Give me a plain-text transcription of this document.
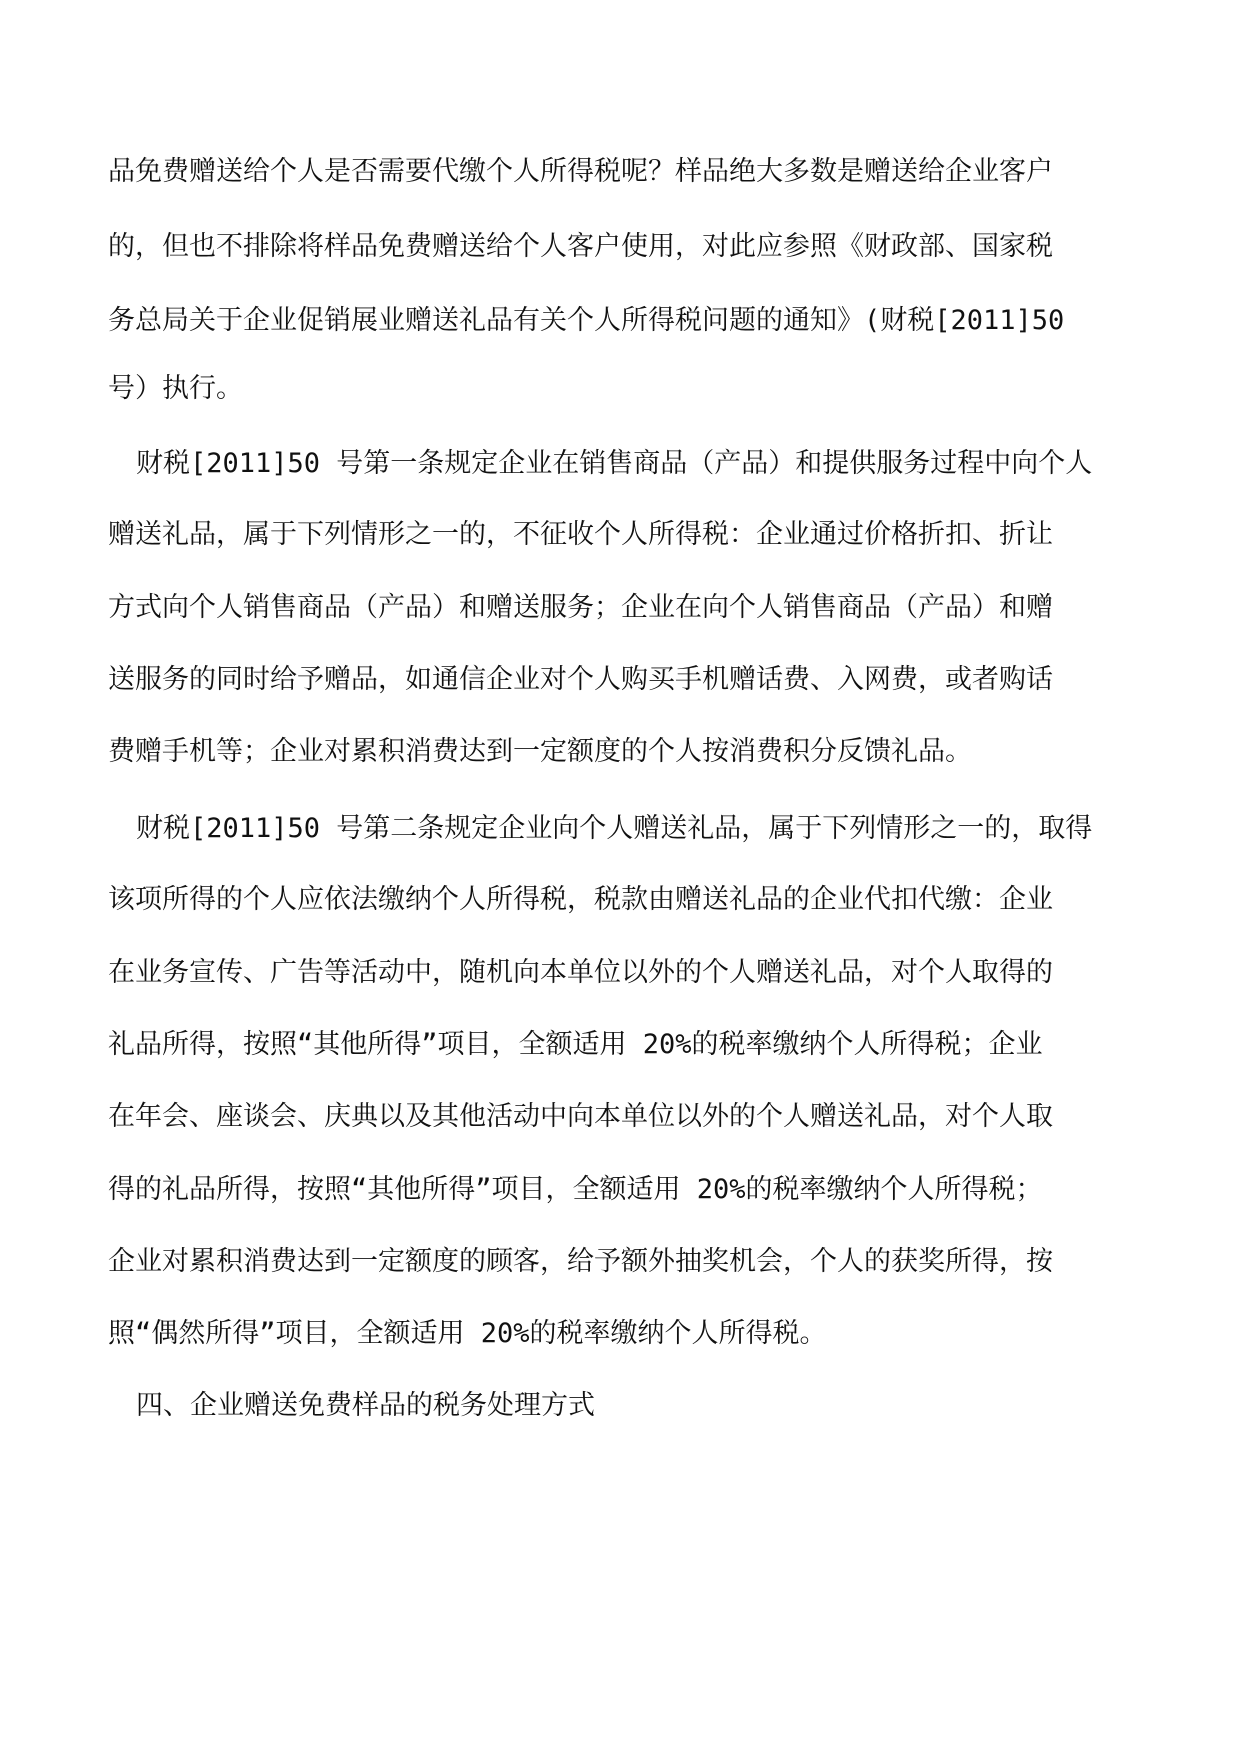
品免费赠送给个人是否需要代缴个人所得税呢？样品绝大多数是赠送给企业客户
的，但也不排除将样品免费赠送给个人客户使用，对此应参照《财政部、国家税
务总局关于企业促销展业赠送礼品有关个人所得税问题的通知》(财税[2011]50
号）执行。
财税[2011]50 号第一条规定企业在销售商品（产品）和提供服务过程中向个人
赠送礼品，属于下列情形之一的，不征收个人所得税：企业通过价格折扣、折让
方式向个人销售商品（产品）和赠送服务；企业在向个人销售商品（产品）和赠
送服务的同时给予赠品，如通信企业对个人购买手机赠话费、入网费，或者购话
费赠手机等；企业对累积消费达到一定额度的个人按消费积分反馈礼品。
财税[2011]50 号第二条规定企业向个人赠送礼品，属于下列情形之一的，取得
该项所得的个人应依法缴纳个人所得税，税款由赠送礼品的企业代扣代缴：企业
在业务宣传、广告等活动中，随机向本单位以外的个人赠送礼品，对个人取得的
礼品所得，按照“其他所得”项目，全额适用 20%的税率缴纳个人所得税；企业
在年会、座谈会、庆典以及其他活动中向本单位以外的个人赠送礼品，对个人取
得的礼品所得，按照“其他所得”项目，全额适用 20%的税率缴纳个人所得税；
企业对累积消费达到一定额度的顾客，给予额外抽奖机会，个人的获奖所得，按
照“偶然所得”项目，全额适用 20%的税率缴纳个人所得税。
四、企业赠送免费样品的税务处理方式
